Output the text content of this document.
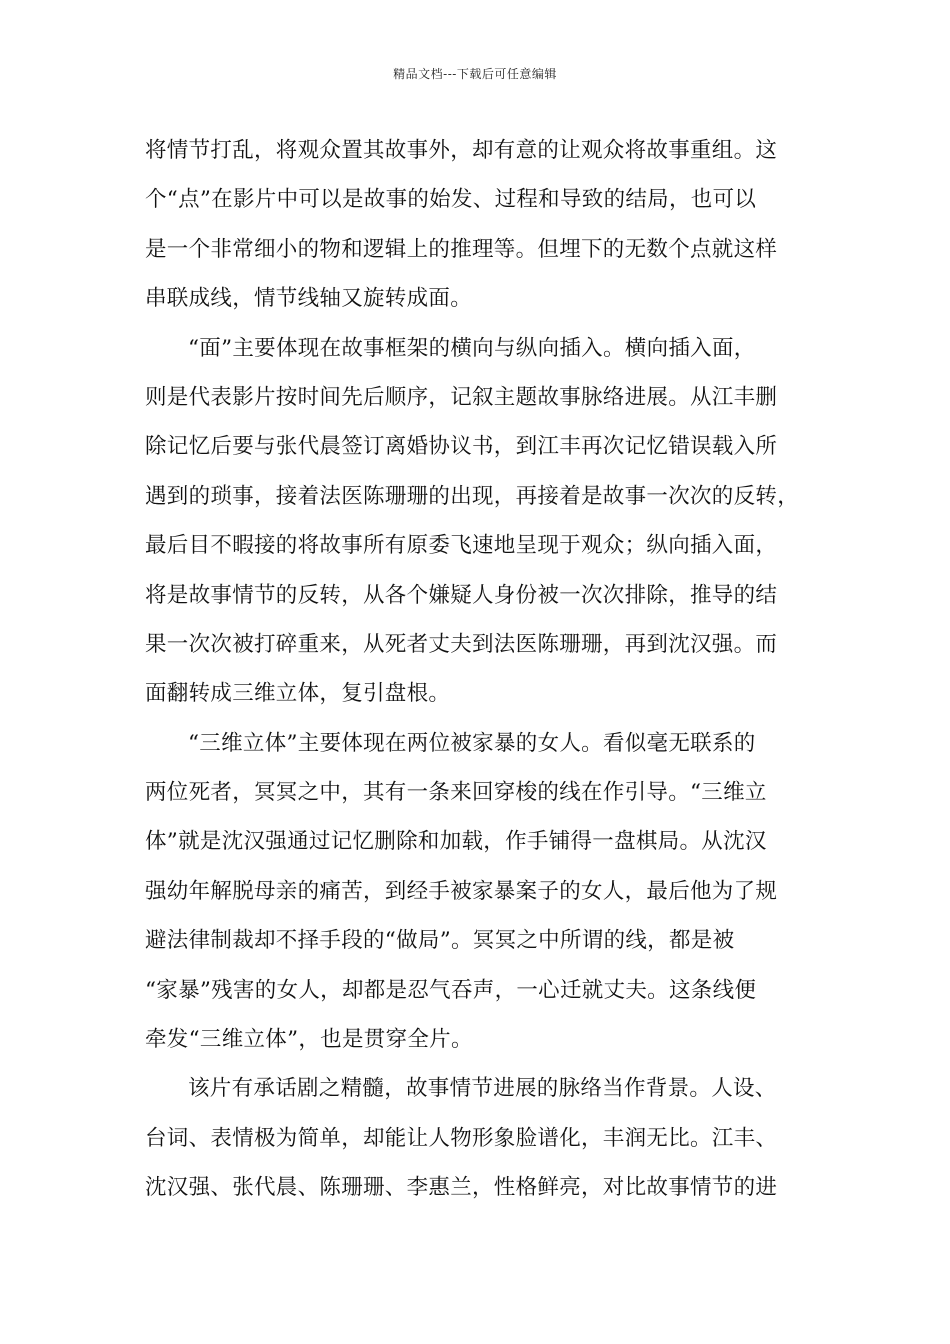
精品文档---下载后可任意编辑
将情节打乱，将观众置其故事外，却有意的让观众将故事重组。这
个“点”在影片中可以是故事的始发、过程和导致的结局，也可以
是一个非常细小的物和逻辑上的推理等。但埋下的无数个点就这样
串联成线，情节线轴又旋转成面。
“面”主要体现在故事框架的横向与纵向插入。横向插入面，
则是代表影片按时间先后顺序，记叙主题故事脉络进展。从江丰删
除记忆后要与张代晨签订离婚协议书，到江丰再次记忆错误载入所
遇到的琐事，接着法医陈珊珊的出现，再接着是故事一次次的反转，
最后目不暇接的将故事所有原委飞速地呈现于观众；纵向插入面，
将是故事情节的反转，从各个嫌疑人身份被一次次排除，推导的结
果一次次被打碎重来，从死者丈夫到法医陈珊珊，再到沈汉强。而
面翻转成三维立体，复引盘根。
“三维立体”主要体现在两位被家暴的女人。看似毫无联系的
两位死者，冥冥之中，其有一条来回穿梭的线在作引导。“三维立
体”就是沈汉强通过记忆删除和加载，作手铺得一盘棋局。从沈汉
强幼年解脱母亲的痛苦，到经手被家暴案子的女人，最后他为了规
避法律制裁却不择手段的“做局”。冥冥之中所谓的线，都是被
“家暴”残害的女人，却都是忍气吞声，一心迁就丈夫。这条线便
牵发“三维立体”，也是贯穿全片。
该片有承话剧之精髓，故事情节进展的脉络当作背景。人设、
台词、表情极为简单，却能让人物形象脸谱化，丰润无比。江丰、
沈汉强、张代晨、陈珊珊、李惠兰，性格鲜亮，对比故事情节的进
